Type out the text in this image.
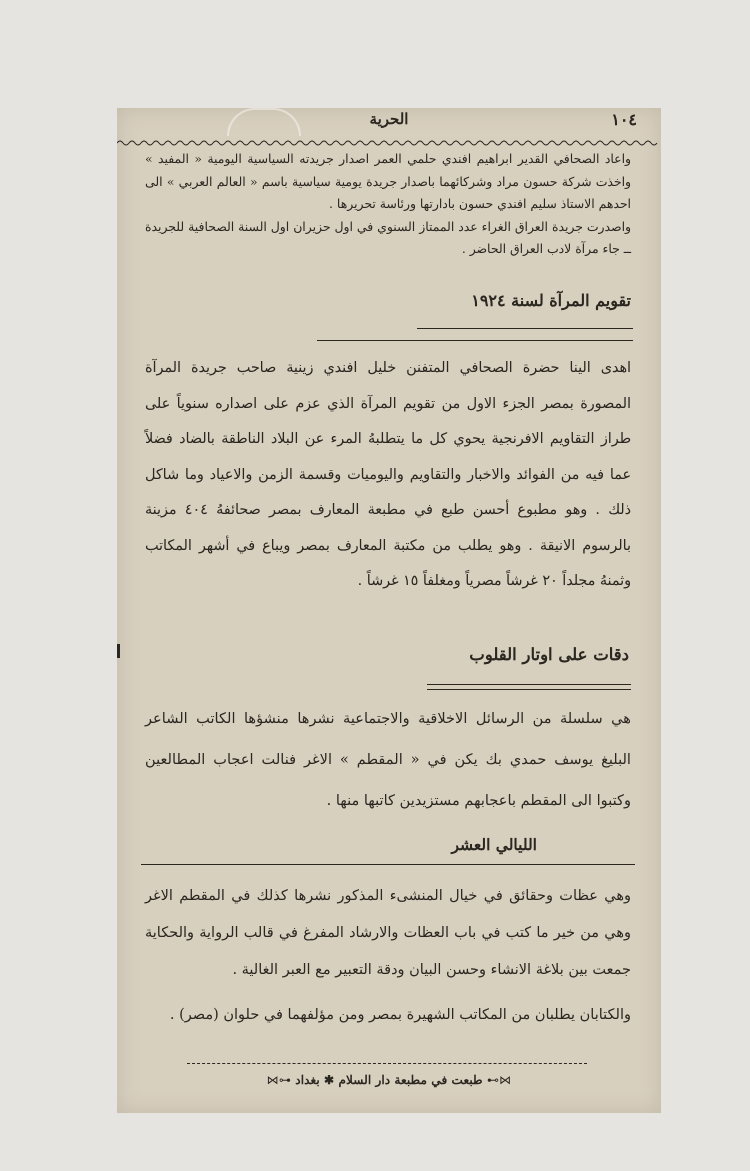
الحرية	١٠٤

واعاد الصحافي القدير ابراهيم افندي حلمي العمر اصدار جريدته السياسية اليومية « المفيد » واخذت شركة حسون مراد وشركائهما باصدار جريدة يومية سياسية باسم « العالم العربي » الى احدهم الاستاذ سليم افندي حسون بادارتها ورئاسة تحريرها .

واصدرت جريدة العراق الغراء عدد الممتاز السنوي في اول حزيران اول السنة الصحافية للجريدة ــ جاء مرآة لادب العراق الحاضر .

تقويم المرآة لسنة ١٩٢٤
اهدى الينا حضرة الصحافي المتفنن خليل افندي زينية صاحب جريدة المرآة المصورة بمصر الجزء الاول من تقويم المرآة الذي عزم على اصداره سنوياً على طراز التقاويم الافرنجية يحوي كل ما يتطلبهُ المرء عن البلاد الناطقة بالضاد فضلاً عما فيه من الفوائد والاخبار والتقاويم واليوميات وقسمة الزمن والاعياد وما شاكل ذلك . وهو مطبوع أحسن طبع في مطبعة المعارف بمصر صحائفهُ ٤٠٤ مزينة بالرسوم الانيقة . وهو يطلب من مكتبة المعارف بمصر ويباع في أشهر المكاتب وثمنهُ مجلداً ٢٠ غرشاً مصرياً ومغلفاً ١٥ غرشاً .
دقات على اوتار القلوب
هي سلسلة من الرسائل الاخلاقية والاجتماعية نشرها منشؤها الكاتب الشاعر البليغ يوسف حمدي بك يكن في « المقطم » الاغر فنالت اعجاب المطالعين وكتبوا الى المقطم باعجابهم مستزيدين كاتبها منها .
الليالي العشر
وهي عظات وحقائق في خيال المنشىء المذكور نشرها كذلك في المقطم الاغر وهي من خير ما كتب في باب العظات والارشاد المفرغ في قالب الرواية والحكاية جمعت بين بلاغة الانشاء وحسن البيان ودقة التعبير مع العبر الغالية .
والكتابان يطلبان من المكاتب الشهيرة بمصر ومن مؤلفهما في حلوان (مصر) .
⋈⊶ طبعت في مطبعة دار السلام ✱ بغداد ⊷⋈
